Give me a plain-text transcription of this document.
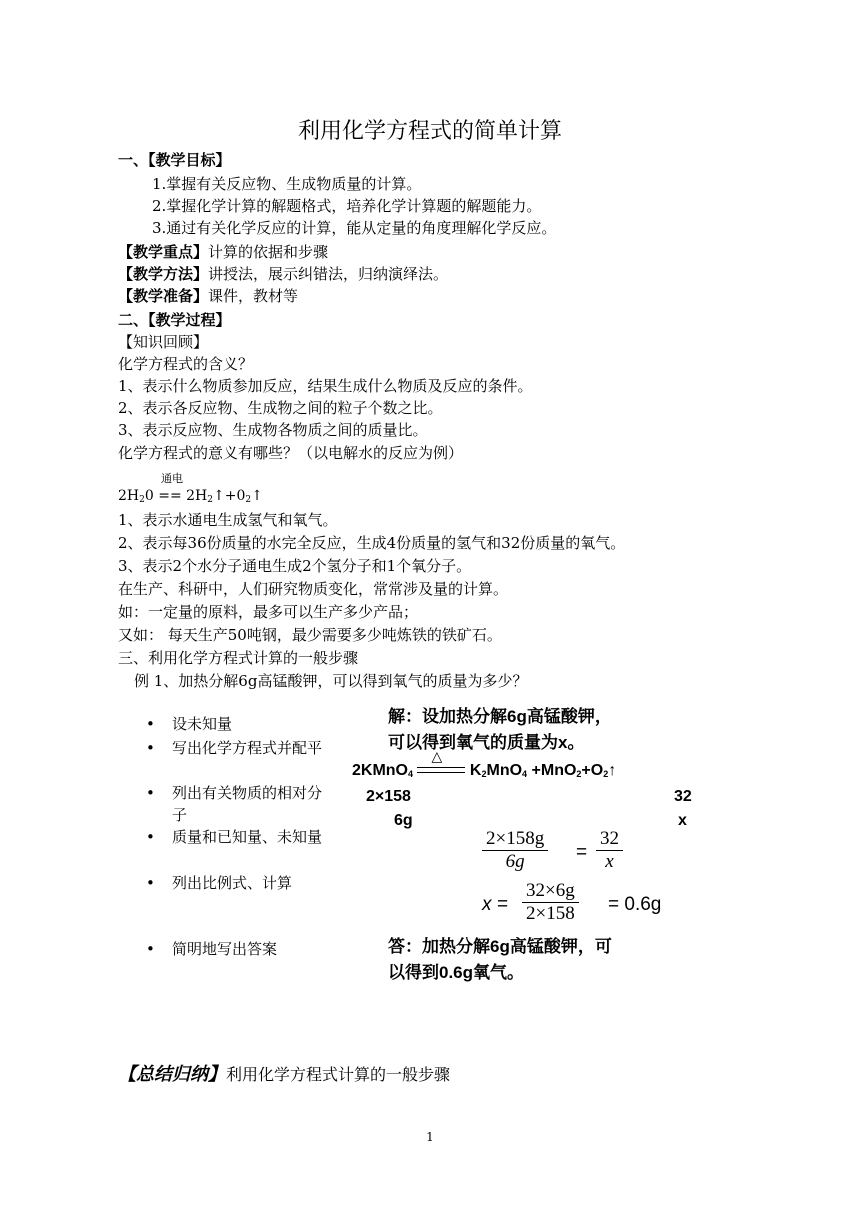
利用化学方程式的简单计算
一、【教学目标】
1.掌握有关反应物、生成物质量的计算。
2.掌握化学计算的解题格式，培养化学计算题的解题能力。
3.通过有关化学反应的计算，能从定量的角度理解化学反应。
【教学重点】计算的依据和步骤
【教学方法】讲授法，展示纠错法，归纳演绎法。
【教学准备】课件，教材等
二、【教学过程】
【知识回顾】
化学方程式的含义？
1、表示什么物质参加反应，结果生成什么物质及反应的条件。
2、表示各反应物、生成物之间的粒子个数之比。
3、表示反应物、生成物各物质之间的质量比。
化学方程式的意义有哪些？（以电解水的反应为例）
通电
$2H_20$ == $2H_2↑+0_2↑$
1、表示水通电生成氢气和氧气。
2、表示每36份质量的水完全反应，生成4份质量的氢气和32份质量的氧气。
3、表示2个水分子通电生成2个氢分子和1个氧分子。
在生产、科研中，人们研究物质变化，常常涉及量的计算。
如：一定量的原料，最多可以生产多少产品；
又如： 每天生产50吨钢，最少需要多少吨炼铁的铁矿石。
三、利用化学方程式计算的一般步骤
例 1、加热分解6g高锰酸钾，可以得到氧气的质量为多少？
• 设未知量
• 写出化学方程式并配平
• 列出有关物质的相对分子
• 质量和已知量、未知量
• 列出比例式、计算
• 简明地写出答案
解：设加热分解6g高锰酸钾，
可以得到氧气的质量为x。
2KMnO$_4$
△
$K_2MnO_4$ $+MnO_2+O_2↑$
2×158	32
6g	x
$\frac{2\times 158g}{6g} = \frac{32}{x}$
$x = \frac{32\times 6g}{2\times 158} = 0.6g$
答：加热分解6g高锰酸钾，可
以得到0.6g氧气。
【总结归纳】利用化学方程式计算的一般步骤
1
